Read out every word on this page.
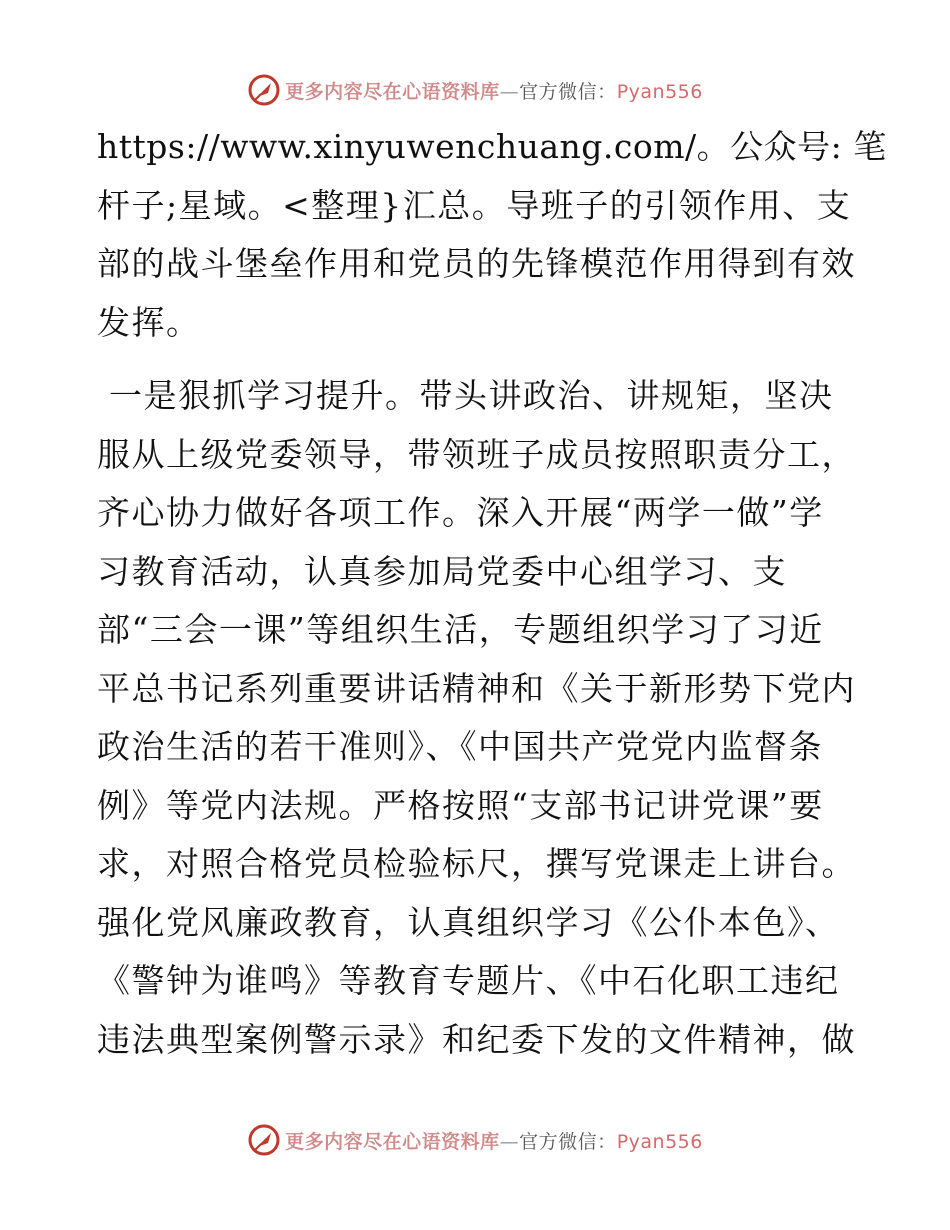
更多内容尽在心语资料库—官方微信：Pyan556
https://www.xinyuwenchuang.com/。公众号: 笔
杆子;星域。<整理}汇总。导班子的引领作用、支
部的战斗堡垒作用和党员的先锋模范作用得到有效
发挥。
一是狠抓学习提升。带头讲政治、讲规矩，坚决
服从上级党委领导，带领班子成员按照职责分工，
齐心协力做好各项工作。深入开展“两学一做”学
习教育活动，认真参加局党委中心组学习、支
部“三会一课”等组织生活，专题组织学习了习近
平总书记系列重要讲话精神和《关于新形势下党内
政治生活的若干准则》、《中国共产党党内监督条
例》等党内法规。严格按照“支部书记讲党课”要
求，对照合格党员检验标尺，撰写党课走上讲台。
强化党风廉政教育，认真组织学习《公仆本色》、
《警钟为谁鸣》等教育专题片、《中石化职工违纪
违法典型案例警示录》和纪委下发的文件精神，做
更多内容尽在心语资料库—官方微信：Pyan556
